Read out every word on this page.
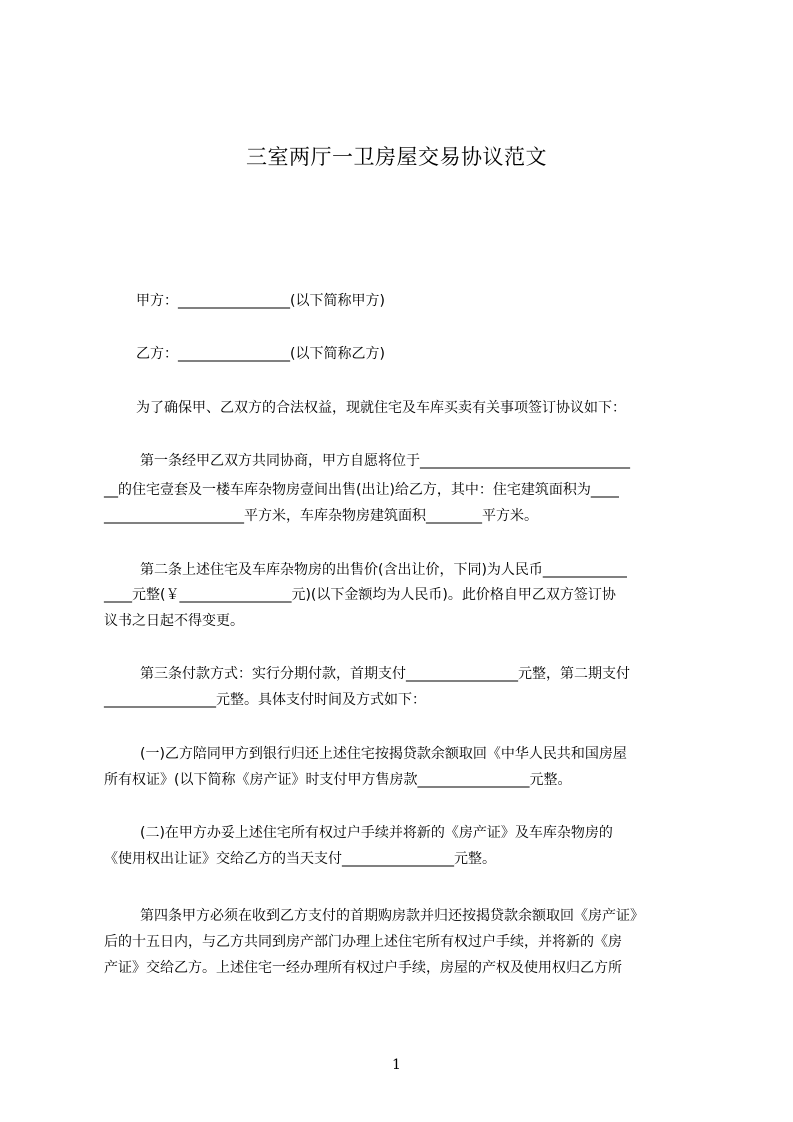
三室两厅一卫房屋交易协议范文
甲方：________________(以下简称甲方)
乙方：________________(以下简称乙方)
为了确保甲、乙双方的合法权益，现就住宅及车库买卖有关事项签订协议如下：
第一条经甲乙双方共同协商，甲方自愿将位于______________________________
__的住宅壹套及一楼车库杂物房壹间出售(出让)给乙方，其中：住宅建筑面积为____
____________________平方米，车库杂物房建筑面积________平方米。
第二条上述住宅及车库杂物房的出售价(含出让价，下同)为人民币____________
____元整(￥________________元)(以下金额均为人民币)。此价格自甲乙双方签订协
议书之日起不得变更。
第三条付款方式：实行分期付款，首期支付________________元整，第二期支付
________________元整。具体支付时间及方式如下：
(一)乙方陪同甲方到银行归还上述住宅按揭贷款余额取回《中华人民共和国房屋
所有权证》(以下简称《房产证》时支付甲方售房款________________元整。
(二)在甲方办妥上述住宅所有权过户手续并将新的《房产证》及车库杂物房的
《使用权出让证》交给乙方的当天支付________________元整。
第四条甲方必须在收到乙方支付的首期购房款并归还按揭贷款余额取回《房产证》
后的十五日内，与乙方共同到房产部门办理上述住宅所有权过户手续，并将新的《房
产证》交给乙方。上述住宅一经办理所有权过户手续，房屋的产权及使用权归乙方所
1
